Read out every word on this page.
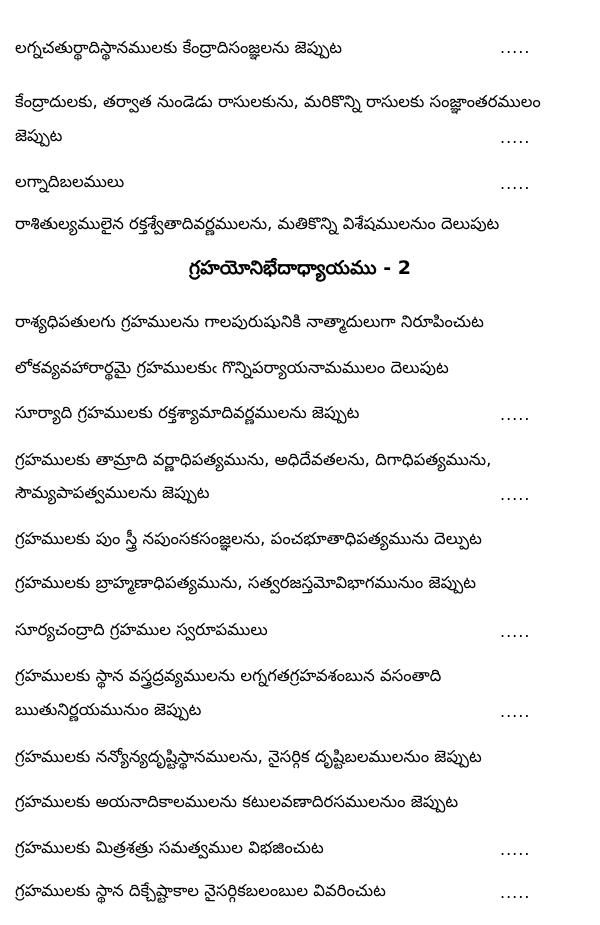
లగ్నచతుర్థాదిస్థానములకు కేంద్రాదిసంజ్ఞలను జెప్పుట	.....
కేంద్రాదులకు, తర్వాత నుండెడు రాసులకును, మరికొన్ని రాసులకు సంజ్ఞాంతరములం
జెప్పుట	.....
లగ్నాదిబలములు	.....
రాశితుల్యములైన రక్తశ్వేతాదివర్ణములను, మతికొన్ని విశేషములనుం దెలుపుట
గ్రహయోనిభేదాధ్యాయము - 2
రాశ్యధిపతులగు గ్రహములను గాలపురుషునికి నాత్మాదులుగా నిరూపించుట
లోకవ్యవహారార్థమై గ్రహములకుఁ గొన్నిపర్యాయనామములం దెలుపుట
సూర్యాది గ్రహములకు రక్తశ్యామాదివర్ణములను జెప్పుట	.....
గ్రహములకు తామ్రాది వర్ణాధిపత్యమును, అధిదేవతలను, దిగాధిపత్యమును,
సౌమ్యపాపత్వములను జెప్పుట	.....
గ్రహములకు పుం స్త్రీ నపుంసకసంజ్ఞలను, పంచభూతాధిపత్యమును దెల్పుట
గ్రహములకు బ్రాహ్మణాధిపత్యమును, సత్వరజస్తమోవిభాగమునుం జెప్పుట
సూర్యచంద్రాది గ్రహముల స్వరూపములు	.....
గ్రహములకు స్థాన వస్త్రద్రవ్యములను లగ్నగతగ్రహవశంబున వసంతాది
ఋతునిర్ణయమునుం జెప్పుట	.....
గ్రహములకు నన్యోన్యదృష్టిస్థానములను, నైసర్గిక దృష్టిబలములనుం జెప్పుట
గ్రహములకు అయనాదికాలములను కటులవణాదిరసములనుం జెప్పుట
గ్రహములకు మిత్రశత్రు సమత్వముల విభజించుట	.....
గ్రహములకు స్థాన దిక్చేష్టాకాల నైసర్గికబలంబుల వివరించుట	.....
